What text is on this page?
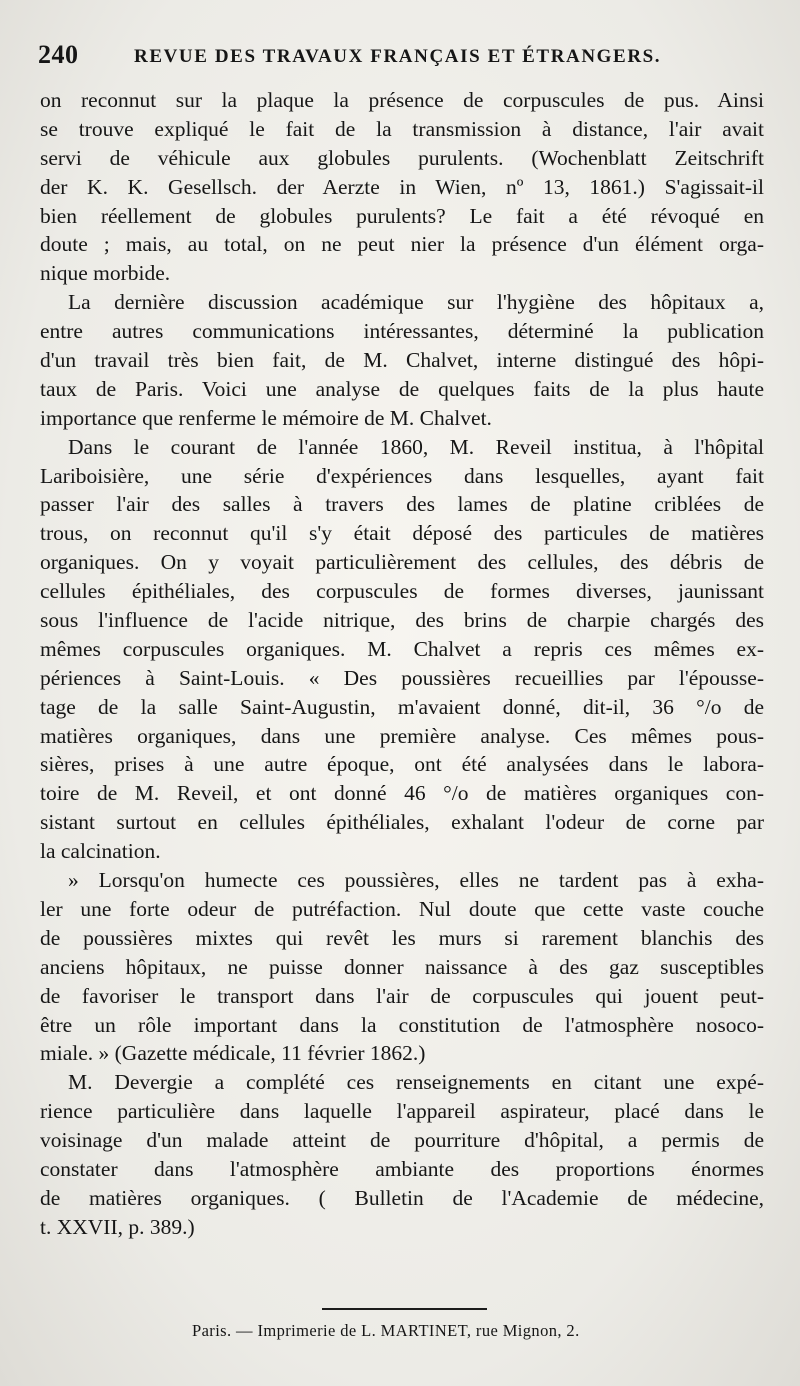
240	REVUE DES TRAVAUX FRANÇAIS ET ÉTRANGERS.
on reconnut sur la plaque la présence de corpuscules de pus. Ainsi
se trouve expliqué le fait de la transmission à distance, l'air avait
servi de véhicule aux globules purulents. (Wochenblatt Zeitschrift
der K. K. Gesellsch. der Aerzte in Wien, nº 13, 1861.) S'agissait-il
bien réellement de globules purulents? Le fait a été révoqué en
doute ; mais, au total, on ne peut nier la présence d'un élément orga-
nique morbide.
La dernière discussion académique sur l'hygiène des hôpitaux a,
entre autres communications intéressantes, déterminé la publication
d'un travail très bien fait, de M. Chalvet, interne distingué des hôpi-
taux de Paris. Voici une analyse de quelques faits de la plus haute
importance que renferme le mémoire de M. Chalvet.
Dans le courant de l'année 1860, M. Reveil institua, à l'hôpital
Lariboisière, une série d'expériences dans lesquelles, ayant fait
passer l'air des salles à travers des lames de platine criblées de
trous, on reconnut qu'il s'y était déposé des particules de matières
organiques. On y voyait particulièrement des cellules, des débris de
cellules épithéliales, des corpuscules de formes diverses, jaunissant
sous l'influence de l'acide nitrique, des brins de charpie chargés des
mêmes corpuscules organiques. M. Chalvet a repris ces mêmes ex-
périences à Saint-Louis. « Des poussières recueillies par l'épousse-
tage de la salle Saint-Augustin, m'avaient donné, dit-il, 36 °/o de
matières organiques, dans une première analyse. Ces mêmes pous-
sières, prises à une autre époque, ont été analysées dans le labora-
toire de M. Reveil, et ont donné 46 °/o de matières organiques con-
sistant surtout en cellules épithéliales, exhalant l'odeur de corne par
la calcination.
» Lorsqu'on humecte ces poussières, elles ne tardent pas à exha-
ler une forte odeur de putréfaction. Nul doute que cette vaste couche
de poussières mixtes qui revêt les murs si rarement blanchis des
anciens hôpitaux, ne puisse donner naissance à des gaz susceptibles
de favoriser le transport dans l'air de corpuscules qui jouent peut-
être un rôle important dans la constitution de l'atmosphère nosoco-
miale. » (Gazette médicale, 11 février 1862.)
M. Devergie a complété ces renseignements en citant une expé-
rience particulière dans laquelle l'appareil aspirateur, placé dans le
voisinage d'un malade atteint de pourriture d'hôpital, a permis de
constater dans l'atmosphère ambiante des proportions énormes
de matières organiques. ( Bulletin de l'Academie de médecine,
t. XXVII, p. 389.)
Paris. — Imprimerie de L. MARTINET, rue Mignon, 2.
